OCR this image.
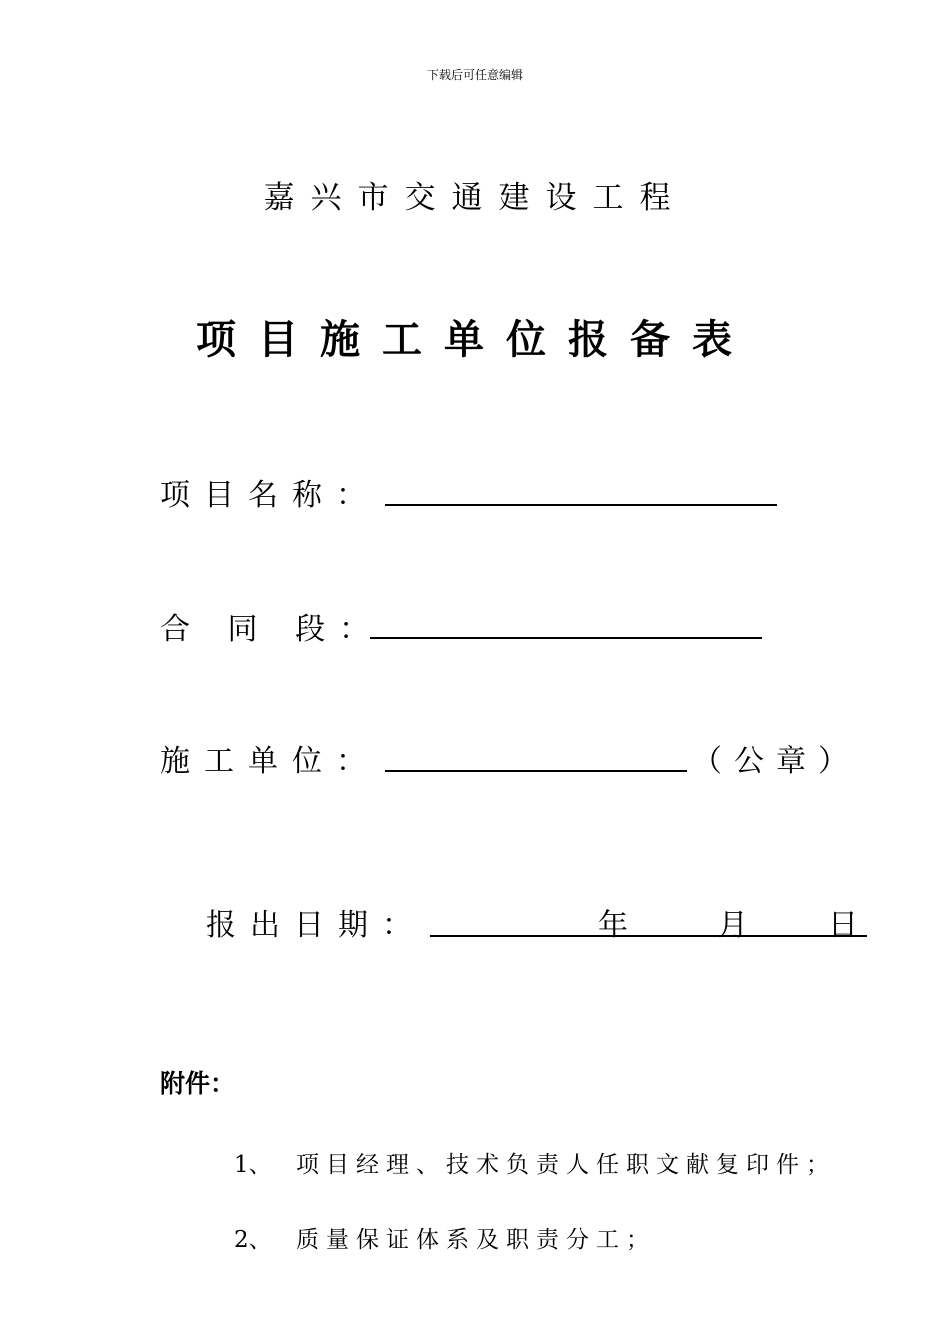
下载后可任意编辑
嘉兴市交通建设工程
项目施工单位报备表
项目名称：
合 同 段：
施工单位：	（公章）
报出日期：	年	月	日
附件：
1、 项目经理、技术负责人任职文献复印件；
2、 质量保证体系及职责分工；
